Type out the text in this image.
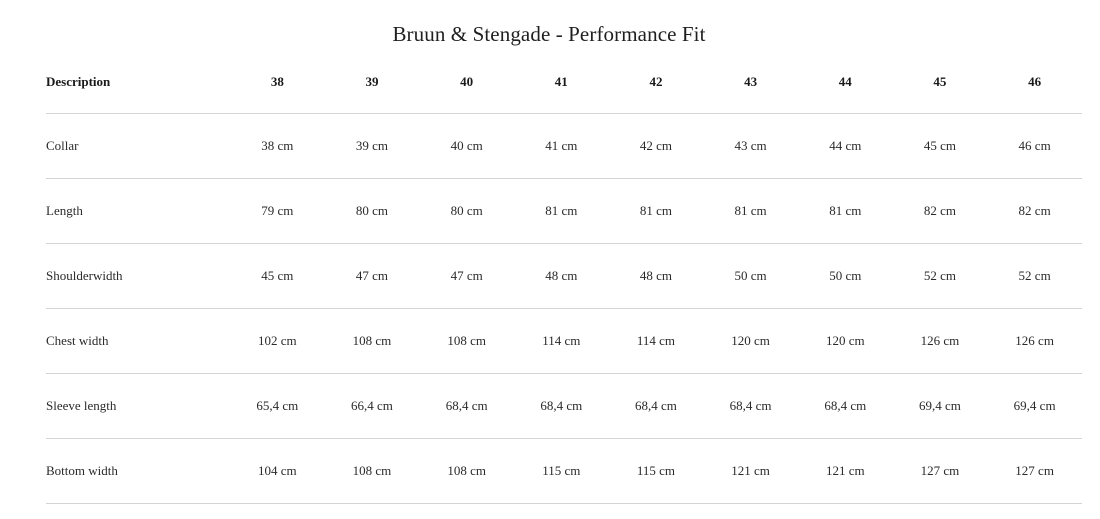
Bruun & Stengade - Performance Fit
Description	38	39	40	41	42	43	44	45	46
Collar	38 cm	39 cm	40 cm	41 cm	42 cm	43 cm	44 cm	45 cm	46 cm
Length	79 cm	80 cm	80 cm	81 cm	81 cm	81 cm	81 cm	82 cm	82 cm
Shoulderwidth	45 cm	47 cm	47 cm	48 cm	48 cm	50 cm	50 cm	52 cm	52 cm
Chest width	102 cm	108 cm	108 cm	114 cm	114 cm	120 cm	120 cm	126 cm	126 cm
Sleeve length	65,4 cm	66,4 cm	68,4 cm	68,4 cm	68,4 cm	68,4 cm	68,4 cm	69,4 cm	69,4 cm
Bottom width	104 cm	108 cm	108 cm	115 cm	115 cm	121 cm	121 cm	127 cm	127 cm
